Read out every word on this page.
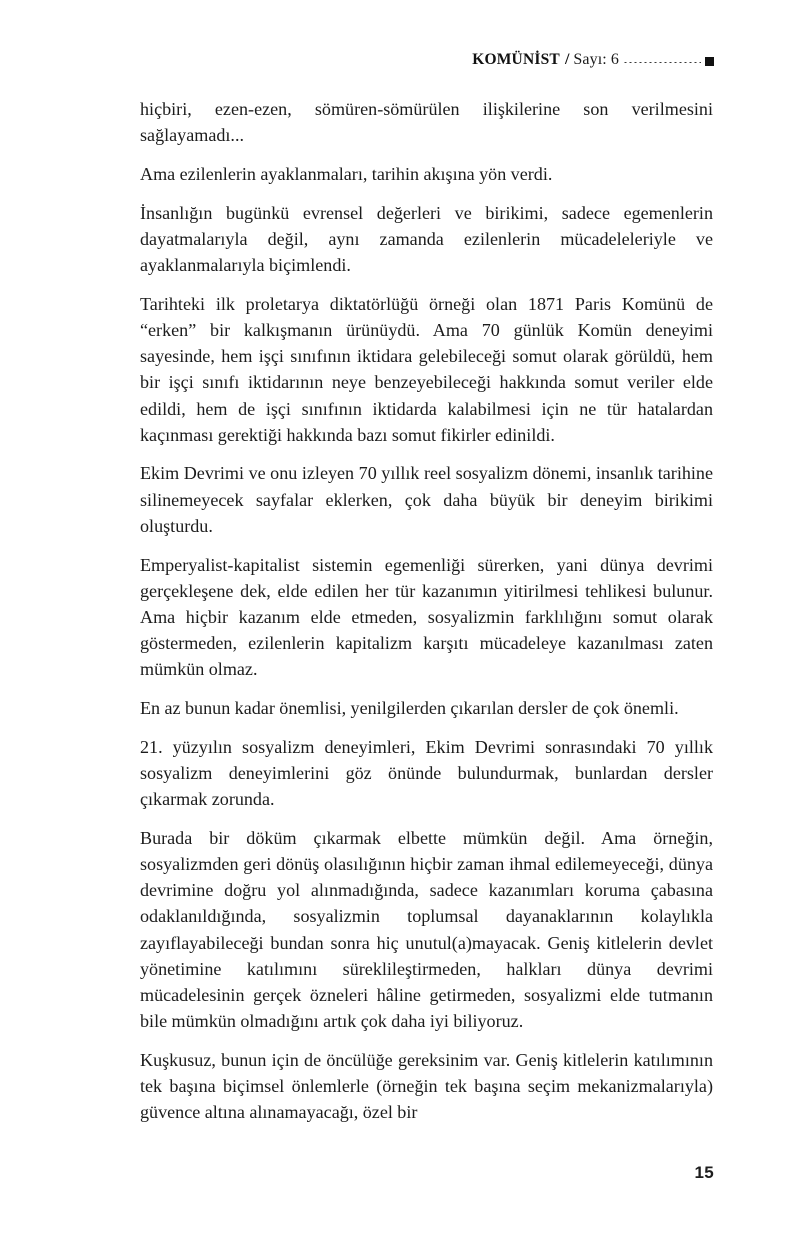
KOMÜNİST / Sayı: 6

hiçbiri, ezen-ezen, sömüren-sömürülen ilişkilerine son verilmesini sağlayamadı...

Ama ezilenlerin ayaklanmaları, tarihin akışına yön verdi.

İnsanlığın bugünkü evrensel değerleri ve birikimi, sadece egemenlerin dayatmalarıyla değil, aynı zamanda ezilenlerin mücadeleleriyle ve ayaklanmalarıyla biçimlendi.

Tarihteki ilk proletarya diktatörlüğü örneği olan 1871 Paris Komünü de “erken” bir kalkışmanın ürünüydü. Ama 70 günlük Komün deneyimi sayesinde, hem işçi sınıfının iktidara gelebileceği somut olarak görüldü, hem bir işçi sınıfı iktidarının neye benzeyebileceği hakkında somut veriler elde edildi, hem de işçi sınıfının iktidarda kalabilmesi için ne tür hatalardan kaçınması gerektiği hakkında bazı somut fikirler edinildi.

Ekim Devrimi ve onu izleyen 70 yıllık reel sosyalizm dönemi, insanlık tarihine silinemeyecek sayfalar eklerken, çok daha büyük bir deneyim birikimi oluşturdu.

Emperyalist-kapitalist sistemin egemenliği sürerken, yani dünya devrimi gerçekleşene dek, elde edilen her tür kazanımın yitirilmesi tehlikesi bulunur. Ama hiçbir kazanım elde etmeden, sosyalizmin farklılığını somut olarak göstermeden, ezilenlerin kapitalizm karşıtı mücadeleye kazanılması zaten mümkün olmaz.

En az bunun kadar önemlisi, yenilgilerden çıkarılan dersler de çok önemli.

21. yüzyılın sosyalizm deneyimleri, Ekim Devrimi sonrasındaki 70 yıllık sosyalizm deneyimlerini göz önünde bulundurmak, bunlardan dersler çıkarmak zorunda.

Burada bir döküm çıkarmak elbette mümkün değil. Ama örneğin, sosyalizmden geri dönüş olasılığının hiçbir zaman ihmal edilemeyeceği, dünya devrimine doğru yol alınmadığında, sadece kazanımları koruma çabasına odaklanıldığında, sosyalizmin toplumsal dayanaklarının kolaylıkla zayıflayabileceği bundan sonra hiç unutul(a)mayacak. Geniş kitlelerin devlet yönetimine katılımını süreklileştirmeden, halkları dünya devrimi mücadelesinin gerçek özneleri hâline getirmeden, sosyalizmi elde tutmanın bile mümkün olmadığını artık çok daha iyi biliyoruz.

Kuşkusuz, bunun için de öncülüğe gereksinim var. Geniş kitlelerin katılımının tek başına biçimsel önlemlerle (örneğin tek başına seçim mekanizmalarıyla) güvence altına alınamayacağı, özel bir

15
